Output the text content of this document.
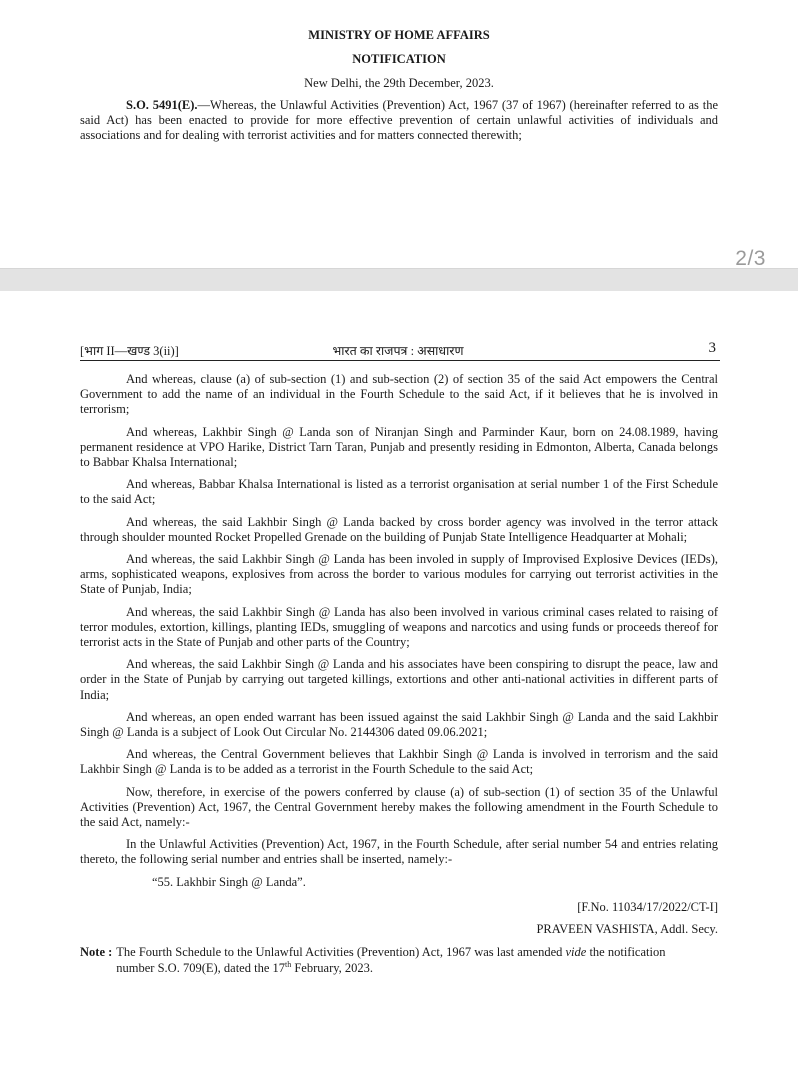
MINISTRY OF HOME AFFAIRS
NOTIFICATION
New Delhi, the 29th December, 2023.
S.O. 5491(E).—Whereas, the Unlawful Activities (Prevention) Act, 1967 (37 of 1967) (hereinafter referred to as the said Act) has been enacted to provide for more effective prevention of certain unlawful activities of individuals and associations and for dealing with terrorist activities and for matters connected therewith;
2/3
[भाग II—खण्ड 3(ii)]	भारत का राजपत्र : असाधारण	3

And whereas, clause (a) of sub-section (1) and sub-section (2) of section 35 of the said Act empowers the Central Government to add the name of an individual in the Fourth Schedule to the said Act, if it believes that he is involved in terrorism;

And whereas, Lakhbir Singh @ Landa son of Niranjan Singh and Parminder Kaur, born on 24.08.1989, having permanent residence at VPO Harike, District Tarn Taran, Punjab and presently residing in Edmonton, Alberta, Canada belongs to Babbar Khalsa International;

And whereas, Babbar Khalsa International is listed as a terrorist organisation at serial number 1 of the First Schedule to the said Act;

And whereas, the said Lakhbir Singh @ Landa backed by cross border agency was involved in the terror attack through shoulder mounted Rocket Propelled Grenade on the building of Punjab State Intelligence Headquarter at Mohali;

And whereas, the said Lakhbir Singh @ Landa has been involed in supply of Improvised Explosive Devices (IEDs), arms, sophisticated weapons, explosives from across the border to various modules for carrying out terrorist activities in the State of Punjab, India;

And whereas, the said Lakhbir Singh @ Landa has also been involved in various criminal cases related to raising of terror modules, extortion, killings, planting IEDs, smuggling of weapons and narcotics and using funds or proceeds thereof for terrorist acts in the State of Punjab and other parts of the Country;

And whereas, the said Lakhbir Singh @ Landa and his associates have been conspiring to disrupt the peace, law and order in the State of Punjab by carrying out targeted killings, extortions and other anti-national activities in different parts of India;

And whereas, an open ended warrant has been issued against the said Lakhbir Singh @ Landa and the said Lakhbir Singh @ Landa is a subject of Look Out Circular No. 2144306 dated 09.06.2021;

And whereas, the Central Government believes that Lakhbir Singh @ Landa is involved in terrorism and the said Lakhbir Singh @ Landa is to be added as a terrorist in the Fourth Schedule to the said Act;

Now, therefore, in exercise of the powers conferred by clause (a) of sub-section (1) of section 35 of the Unlawful Activities (Prevention) Act, 1967, the Central Government hereby makes the following amendment in the Fourth Schedule to the said Act, namely:-

In the Unlawful Activities (Prevention) Act, 1967, in the Fourth Schedule, after serial number 54 and entries relating thereto, the following serial number and entries shall be inserted, namely:-

“55. Lakhbir Singh @ Landa”.

[F.No. 11034/17/2022/CT-I]

PRAVEEN VASHISTA, Addl. Secy.

Note : The Fourth Schedule to the Unlawful Activities (Prevention) Act, 1967 was last amended vide the notification
number S.O. 709(E), dated the 17th February, 2023.
